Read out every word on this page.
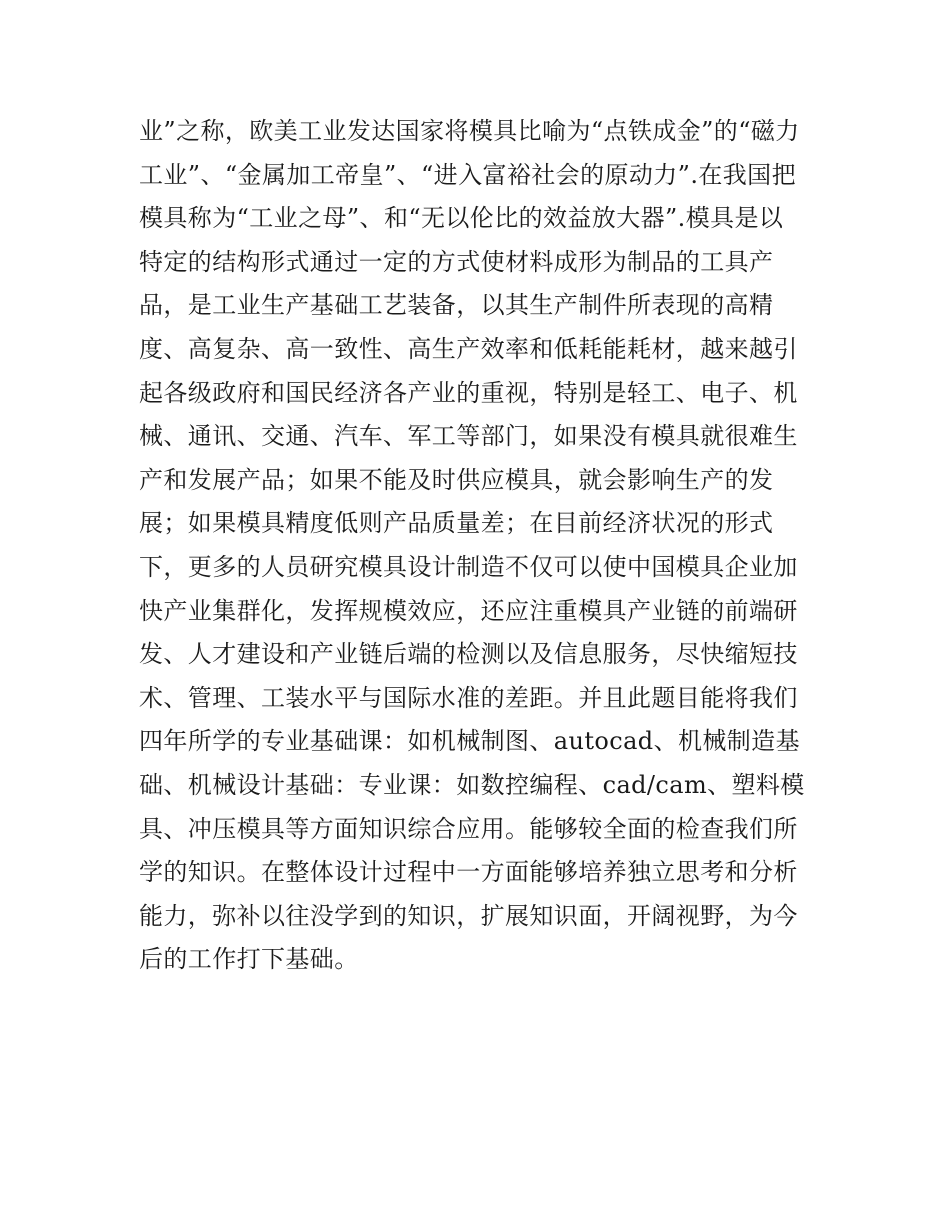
业”之称，欧美工业发达国家将模具比喻为“点铁成金”的“磁力
工业”、“金属加工帝皇”、“进入富裕社会的原动力”.在我国把
模具称为“工业之母”、和“无以伦比的效益放大器”.模具是以
特定的结构形式通过一定的方式使材料成形为制品的工具产
品，是工业生产基础工艺装备，以其生产制件所表现的高精
度、高复杂、高一致性、高生产效率和低耗能耗材，越来越引
起各级政府和国民经济各产业的重视，特别是轻工、电子、机
械、通讯、交通、汽车、军工等部门，如果没有模具就很难生
产和发展产品；如果不能及时供应模具，就会影响生产的发
展；如果模具精度低则产品质量差；在目前经济状况的形式
下，更多的人员研究模具设计制造不仅可以使中国模具企业加
快产业集群化，发挥规模效应，还应注重模具产业链的前端研
发、人才建设和产业链后端的检测以及信息服务，尽快缩短技
术、管理、工装水平与国际水准的差距。并且此题目能将我们
四年所学的专业基础课：如机械制图、autocad、机械制造基
础、机械设计基础：专业课：如数控编程、cad/cam、塑料模
具、冲压模具等方面知识综合应用。能够较全面的检查我们所
学的知识。在整体设计过程中一方面能够培养独立思考和分析
能力，弥补以往没学到的知识，扩展知识面，开阔视野，为今
后的工作打下基础。
